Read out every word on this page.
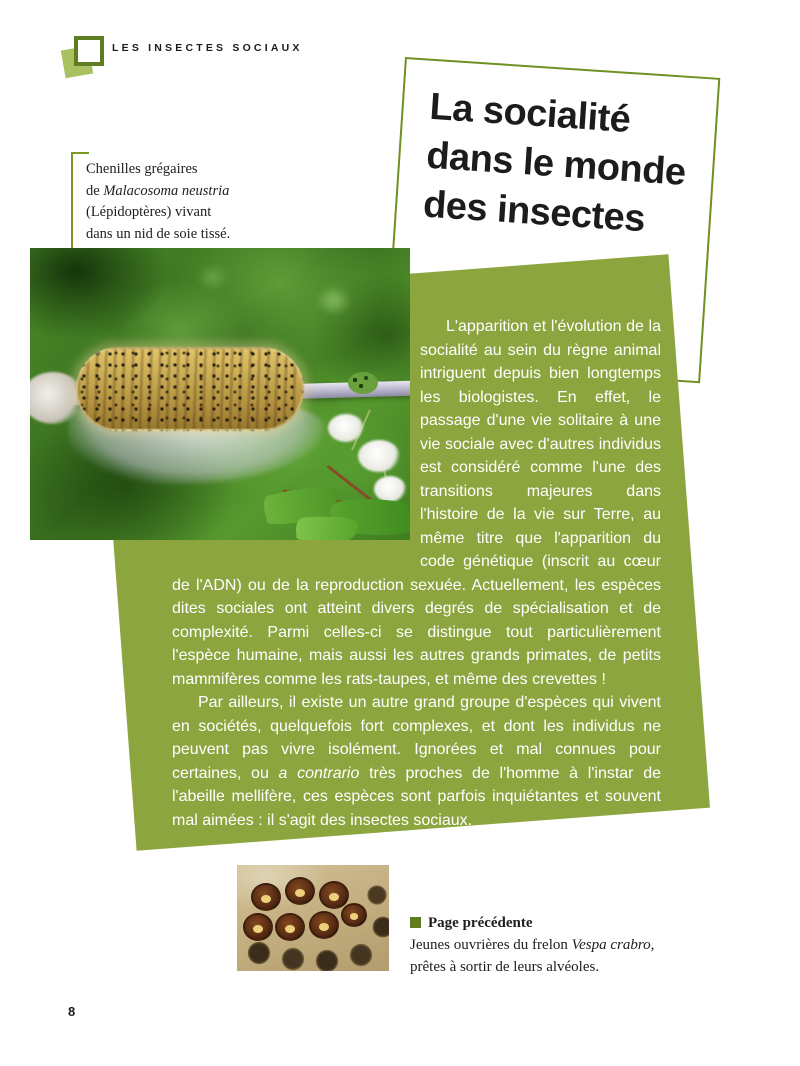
LES INSECTES SOCIAUX
La socialité
dans le monde
des insectes
Chenilles grégaires
de Malacosoma neustria
(Lépidoptères) vivant
dans un nid de soie tissé.

L'apparition et l'évolution de la socialité au sein du règne animal intriguent depuis bien longtemps les biologistes. En effet, le passage d'une vie solitaire à une vie sociale avec d'autres individus est considéré comme l'une des transitions majeures dans l'histoire de la vie sur Terre, au même titre que l'apparition du code génétique (inscrit au cœur de l'ADN) ou de la reproduction sexuée. Actuellement, les espèces dites sociales ont atteint divers degrés de spécialisation et de complexité. Parmi celles-ci se distingue tout particulièrement l'espèce humaine, mais aussi les autres grands primates, de petits mammifères comme les rats-taupes, et même des crevettes !

Par ailleurs, il existe un autre grand groupe d'espèces qui vivent en sociétés, quelquefois fort complexes, et dont les individus ne peuvent pas vivre isolément. Ignorées et mal connues pour certaines, ou a contrario très proches de l'homme à l'instar de l'abeille mellifère, ces espèces sont parfois inquiétantes et souvent mal aimées : il s'agit des insectes sociaux.

Page précédente
Jeunes ouvrières du frelon Vespa crabro,
prêtes à sortir de leurs alvéoles.
8
